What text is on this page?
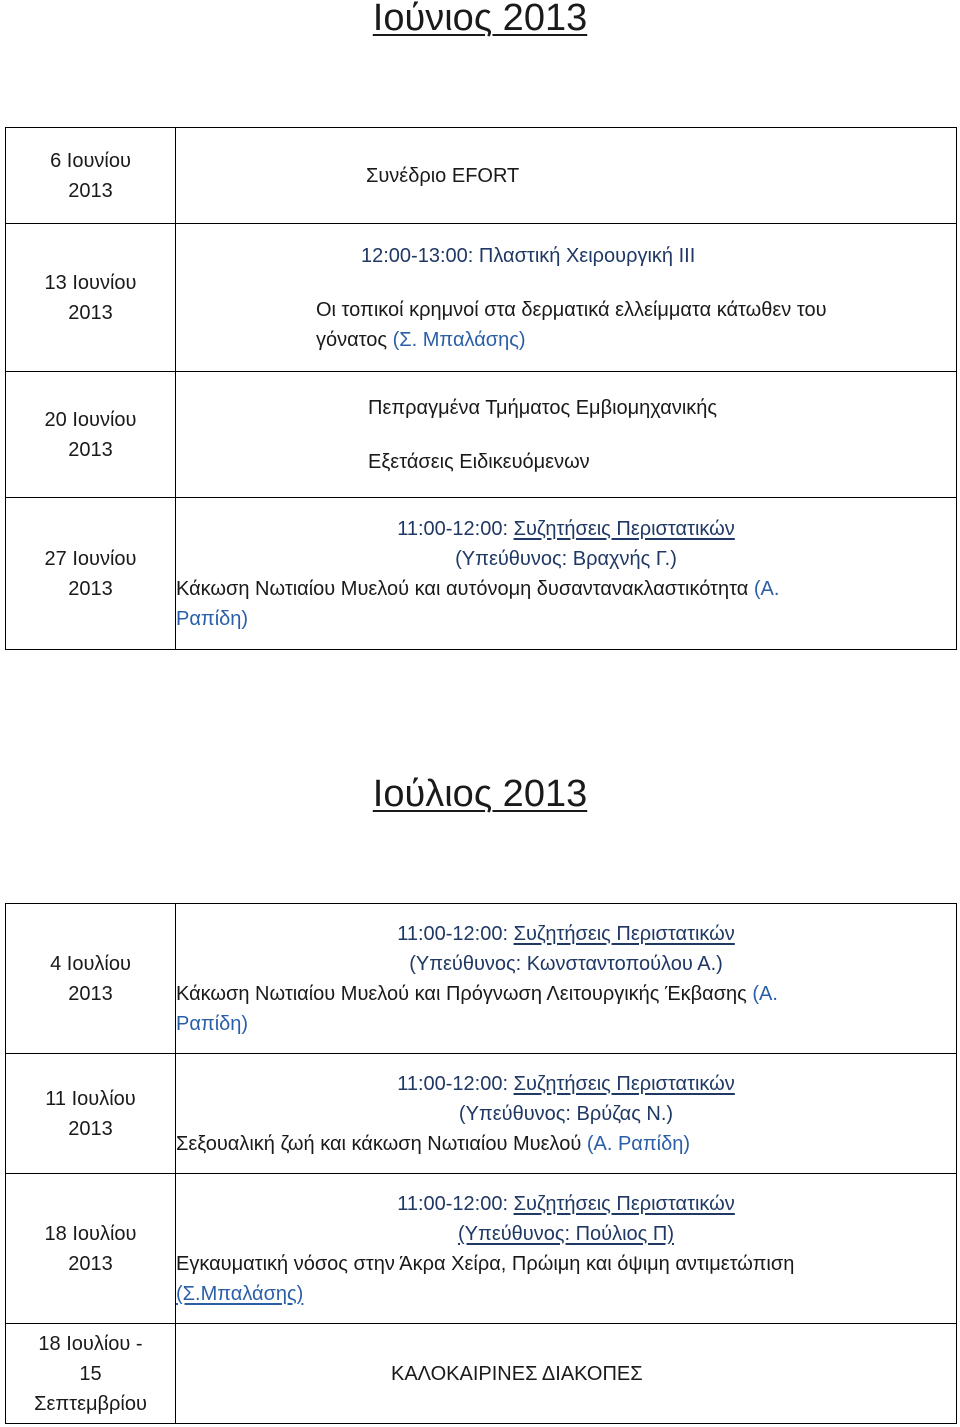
Ιούνιος 2013
6 Ιουνίου
2013	Συνέδριο EFORT

13 Ιουνίου
2013	12:00-13:00: Πλαστική Χειρουργική ΙΙΙ
Οι τοπικοί κρημνοί στα δερματικά ελλείμματα κάτωθεν του
γόνατος (Σ. Μπαλάσης)

20 Ιουνίου
2013	Πεπραγμένα Τμήματος Εμβιομηχανικής
Εξετάσεις Ειδικευόμενων

27 Ιουνίου
2013	11:00-12:00: Συζητήσεις Περιστατικών
(Υπεύθυνος: Βραχνής Γ.)
Κάκωση Νωτιαίου Μυελού και αυτόνομη δυσαντανακλαστικότητα (Α.
Ραπίδη)
Ιούλιος 2013
4 Ιουλίου
2013	11:00-12:00: Συζητήσεις Περιστατικών
(Υπεύθυνος: Κωνσταντοπούλου Α.)
Κάκωση Νωτιαίου Μυελού και Πρόγνωση Λειτουργικής Έκβασης (Α.
Ραπίδη)

11 Ιουλίου
2013	11:00-12:00: Συζητήσεις Περιστατικών
(Υπεύθυνος: Βρύζας Ν.)
Σεξουαλική ζωή και κάκωση Νωτιαίου Μυελού (Α. Ραπίδη)

18 Ιουλίου
2013	11:00-12:00: Συζητήσεις Περιστατικών
(Υπεύθυνος: Πούλιος Π)
Εγκαυματική νόσος στην Άκρα Χείρα, Πρώιμη και όψιμη αντιμετώπιση
(Σ.Μπαλάσης)

18 Ιουλίου -
15
Σεπτεμβρίου	ΚΑΛΟΚΑΙΡΙΝΕΣ ΔΙΑΚΟΠΕΣ
